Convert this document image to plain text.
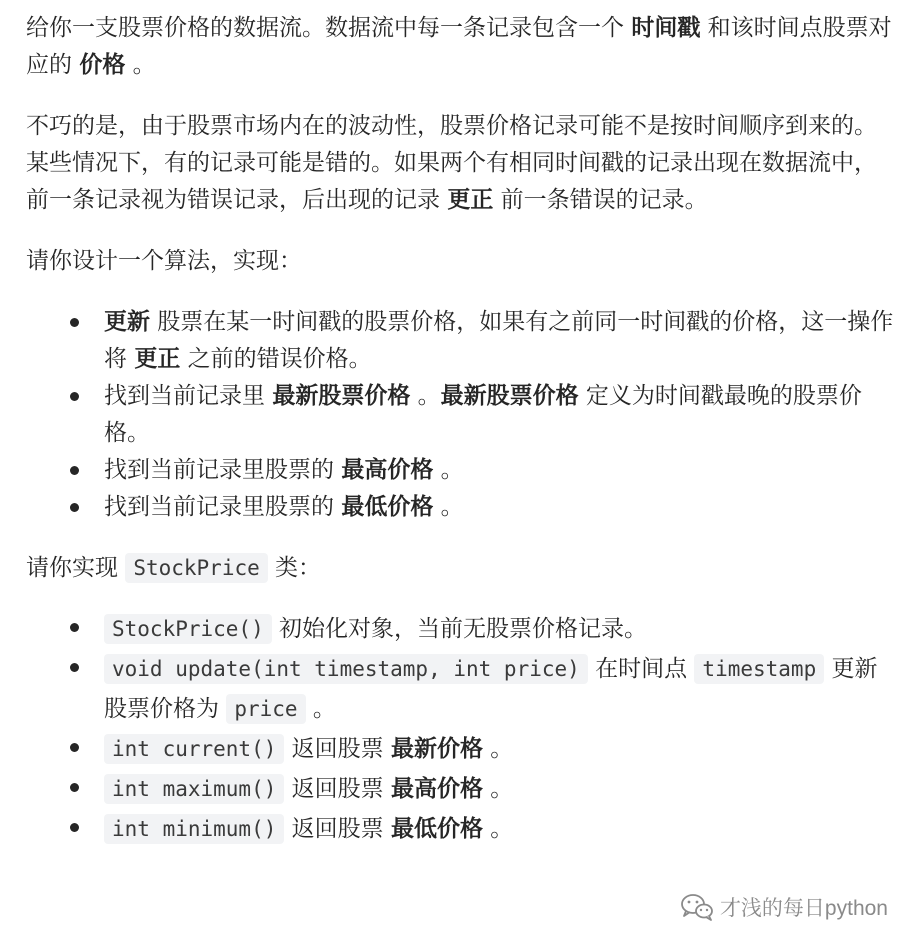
给你一支股票价格的数据流。数据流中每一条记录包含一个 时间戳 和该时间点股票对应的 价格 。

不巧的是，由于股票市场内在的波动性，股票价格记录可能不是按时间顺序到来的。某些情况下，有的记录可能是错的。如果两个有相同时间戳的记录出现在数据流中，前一条记录视为错误记录，后出现的记录 更正 前一条错误的记录。

请你设计一个算法，实现：

更新 股票在某一时间戳的股票价格，如果有之前同一时间戳的价格，这一操作将 更正 之前的错误价格。
找到当前记录里 最新股票价格 。最新股票价格 定义为时间戳最晚的股票价格。
找到当前记录里股票的 最高价格 。
找到当前记录里股票的 最低价格 。

请你实现 StockPrice 类：

StockPrice() 初始化对象，当前无股票价格记录。
void update(int timestamp, int price) 在时间点 timestamp 更新股票价格为 price 。
int current() 返回股票 最新价格 。
int maximum() 返回股票 最高价格 。
int minimum() 返回股票 最低价格 。
才浅的每日python
